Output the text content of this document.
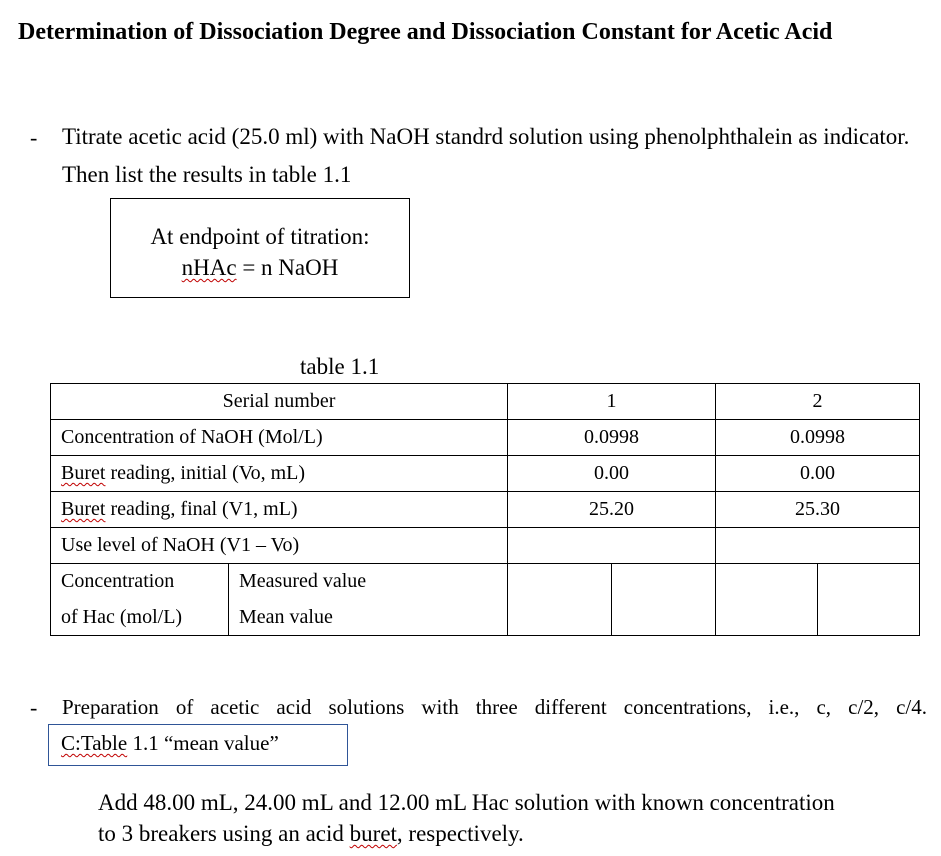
Determination of Dissociation Degree and Dissociation Constant for Acetic Acid
- Titrate acetic acid (25.0 ml) with NaOH standrd solution using phenolphthalein as indicator. Then list the results in table 1.1
At endpoint of titration:
nHAc = n NaOH
table 1.1
Serial number		1		2	
Concentration of NaOH (Mol/L)		0.0998		0.0998	
Buret reading, initial (Vo, mL)		0.00		0.00	
Buret reading, final (V1, mL)		25.20		25.30	
Use level of NaOH (V1 – Vo)					
Concentration	Measured value				
of Hac (mol/L)	Mean value				
- Preparation of acetic acid solutions with three different concentrations, i.e., c, c/2, c/4.
C:Table 1.1 “mean value”
Add 48.00 mL, 24.00 mL and 12.00 mL Hac solution with known concentration to 3 breakers using an acid buret, respectively.
